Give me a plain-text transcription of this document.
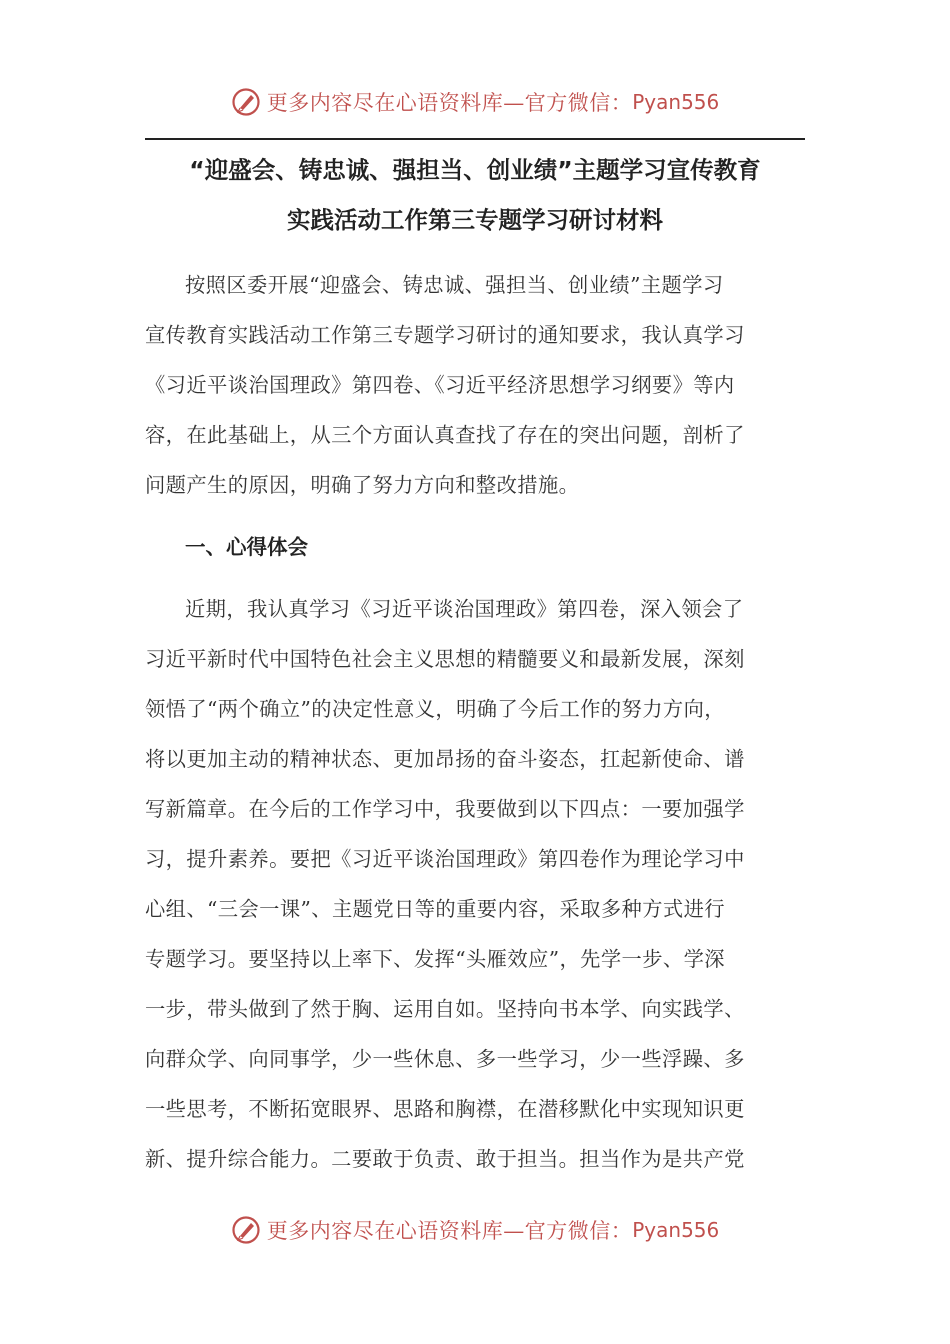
更多内容尽在心语资料库—官方微信： Pyan556
“迎盛会、铸忠诚、强担当、创业绩”主题学习宣传教育
实践活动工作第三专题学习研讨材料
按照区委开展“迎盛会、铸忠诚、强担当、创业绩”主题学习
宣传教育实践活动工作第三专题学习研讨的通知要求，我认真学习
《习近平谈治国理政》第四卷、《习近平经济思想学习纲要》等内
容，在此基础上，从三个方面认真查找了存在的突出问题，剖析了
问题产生的原因，明确了努力方向和整改措施。
一、心得体会
近期，我认真学习《习近平谈治国理政》第四卷，深入领会了
习近平新时代中国特色社会主义思想的精髓要义和最新发展，深刻
领悟了“两个确立”的决定性意义，明确了今后工作的努力方向，
将以更加主动的精神状态、更加昂扬的奋斗姿态，扛起新使命、谱
写新篇章。在今后的工作学习中，我要做到以下四点：一要加强学
习，提升素养。要把《习近平谈治国理政》第四卷作为理论学习中
心组、“三会一课”、主题党日等的重要内容，采取多种方式进行
专题学习。要坚持以上率下、发挥“头雁效应”，先学一步、学深
一步，带头做到了然于胸、运用自如。坚持向书本学、向实践学、
向群众学、向同事学，少一些休息、多一些学习，少一些浮躁、多
一些思考，不断拓宽眼界、思路和胸襟，在潜移默化中实现知识更
新、提升综合能力。二要敢于负责、敢于担当。担当作为是共产党
更多内容尽在心语资料库—官方微信： Pyan556
